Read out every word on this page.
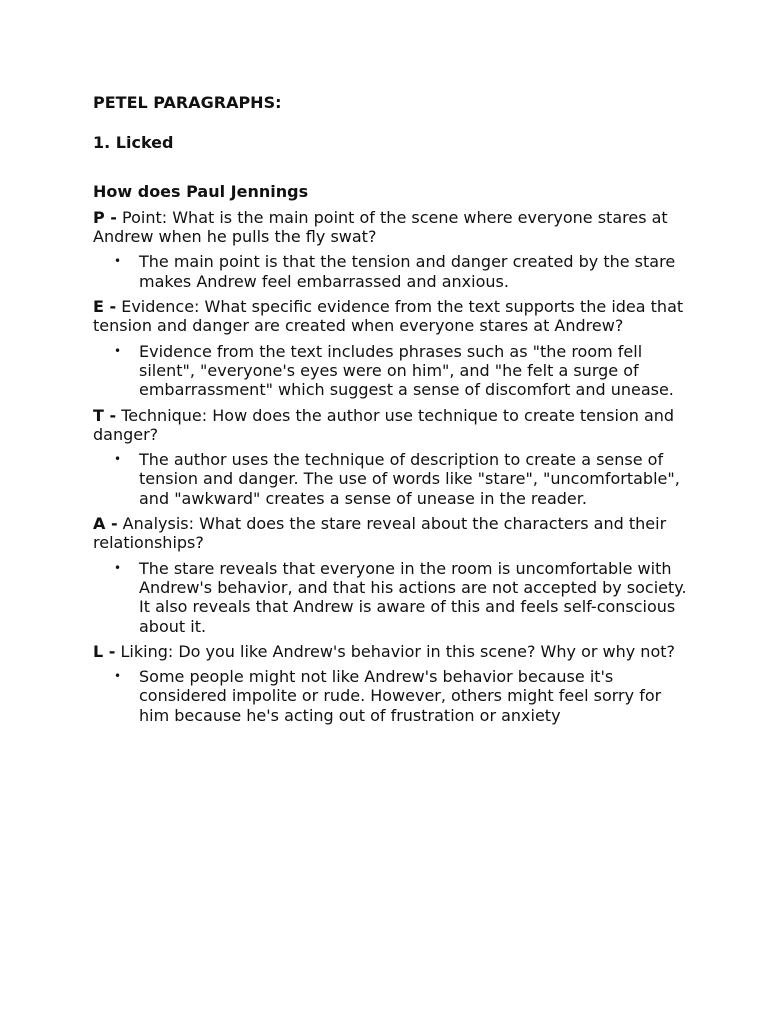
PETEL PARAGRAPHS:

1. Licked

How does Paul Jennings

P - Point: What is the main point of the scene where everyone stares at Andrew when he pulls the fly swat?

• The main point is that the tension and danger created by the stare makes Andrew feel embarrassed and anxious.

E - Evidence: What specific evidence from the text supports the idea that tension and danger are created when everyone stares at Andrew?

• Evidence from the text includes phrases such as "the room fell silent", "everyone's eyes were on him", and "he felt a surge of embarrassment" which suggest a sense of discomfort and unease.

T - Technique: How does the author use technique to create tension and danger?

• The author uses the technique of description to create a sense of tension and danger. The use of words like "stare", "uncomfortable", and "awkward" creates a sense of unease in the reader.

A - Analysis: What does the stare reveal about the characters and their relationships?

• The stare reveals that everyone in the room is uncomfortable with Andrew's behavior, and that his actions are not accepted by society. It also reveals that Andrew is aware of this and feels self-conscious about it.

L - Liking: Do you like Andrew's behavior in this scene? Why or why not?

• Some people might not like Andrew's behavior because it's considered impolite or rude. However, others might feel sorry for him because he's acting out of frustration or anxiety
